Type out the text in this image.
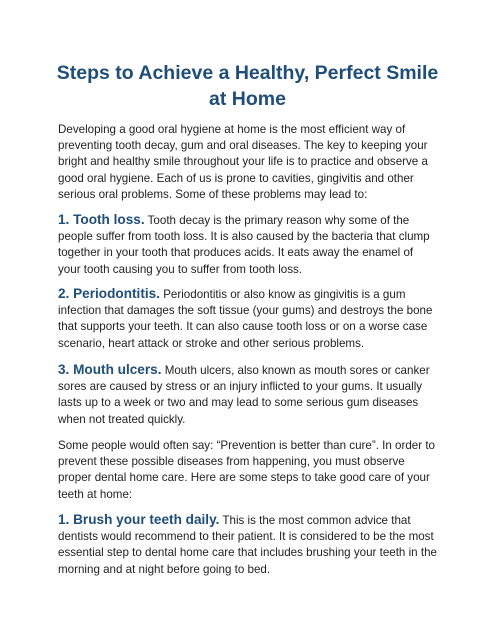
Steps to Achieve a Healthy, Perfect Smile
at Home

Developing a good oral hygiene at home is the most efficient way of preventing tooth decay, gum and oral diseases. The key to keeping your bright and healthy smile throughout your life is to practice and observe a good oral hygiene. Each of us is prone to cavities, gingivitis and other serious oral problems. Some of these problems may lead to:

1. Tooth loss. Tooth decay is the primary reason why some of the people suffer from tooth loss. It is also caused by the bacteria that clump together in your tooth that produces acids. It eats away the enamel of your tooth causing you to suffer from tooth loss.

2. Periodontitis. Periodontitis or also know as gingivitis is a gum infection that damages the soft tissue (your gums) and destroys the bone that supports your teeth. It can also cause tooth loss or on a worse case scenario, heart attack or stroke and other serious problems.

3. Mouth ulcers. Mouth ulcers, also known as mouth sores or canker sores are caused by stress or an injury inflicted to your gums. It usually lasts up to a week or two and may lead to some serious gum diseases when not treated quickly.

Some people would often say: “Prevention is better than cure”. In order to prevent these possible diseases from happening, you must observe proper dental home care. Here are some steps to take good care of your teeth at home:

1. Brush your teeth daily. This is the most common advice that dentists would recommend to their patient. It is considered to be the most essential step to dental home care that includes brushing your teeth in the morning and at night before going to bed.
